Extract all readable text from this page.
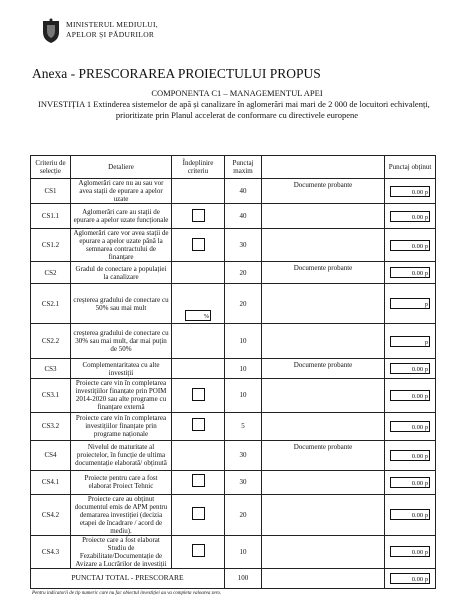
MINISTERUL MEDIULUI,
APELOR ȘI PĂDURILOR
Anexa - PRESCORAREA PROIECTULUI PROPUS
COMPONENTA C1 – MANAGEMENTUL APEI
INVESTIȚIA 1 Extinderea sistemelor de apă și canalizare în aglomerări mai mari de 2 000 de locuitori echivalenți,
prioritizate prin Planul accelerat de conformare cu directivele europene
Criteriu de selecție	Detaliere	Îndeplinire criteriu	Punctaj maxim		Punctaj obținut
CS1	Aglomerări care nu au sau vor avea stații de epurare a apelor uzate		40	Documente probante	0.00 p
CS1.1	Aglomerări care au stații de epurare a apelor uzate funcționale		40		0.00 p
CS1.2	Aglomerări care vor avea stații de epurare a apelor uzate până la semnarea contractului de finanțare		30		0.00 p
CS2	Gradul de conectare a populației la canalizare		20	Documente probante	0.00 p
CS2.1	creșterea gradului de conectare cu 50% sau mai mult	%	20		p
CS2.2	creșterea gradului de conectare cu 30% sau mai mult, dar mai puțin de 50%		10		p
CS3	Complementaritatea cu alte investiții		10	Documente probante	0.00 p
CS3.1	Proiecte care vin în completarea investițiilor finanțate prin POIM 2014-2020 sau alte programe cu finanțare externă		10		0.00 p
CS3.2	Proiecte care vin în completarea investițiilor finanțate prin programe naționale		5		0.00 p
CS4	Nivelul de maturitate al proiectelor, în funcție de ultima documentație elaborată/ obținută		30	Documente probante	0.00 p
CS4.1	Proiecte pentru care a fost elaborat Proiect Tehnic		30		0.00 p
CS4.2	Proiecte care au obținut documentul emis de APM pentru demararea investiției (decizia etapei de încadrare / acord de mediu).		20		0.00 p
CS4.3	Proiecte care a fost elaborat Studiu de Fezabilitate/Documentație de Avizare a Lucrărilor de investiții		10		0.00 p
PUNCTAJ TOTAL - PRESCORARE			100		0.00 p
Pentru indicatorii de tip numeric care nu fac obiectul investiției au va completa valoarea zero.
